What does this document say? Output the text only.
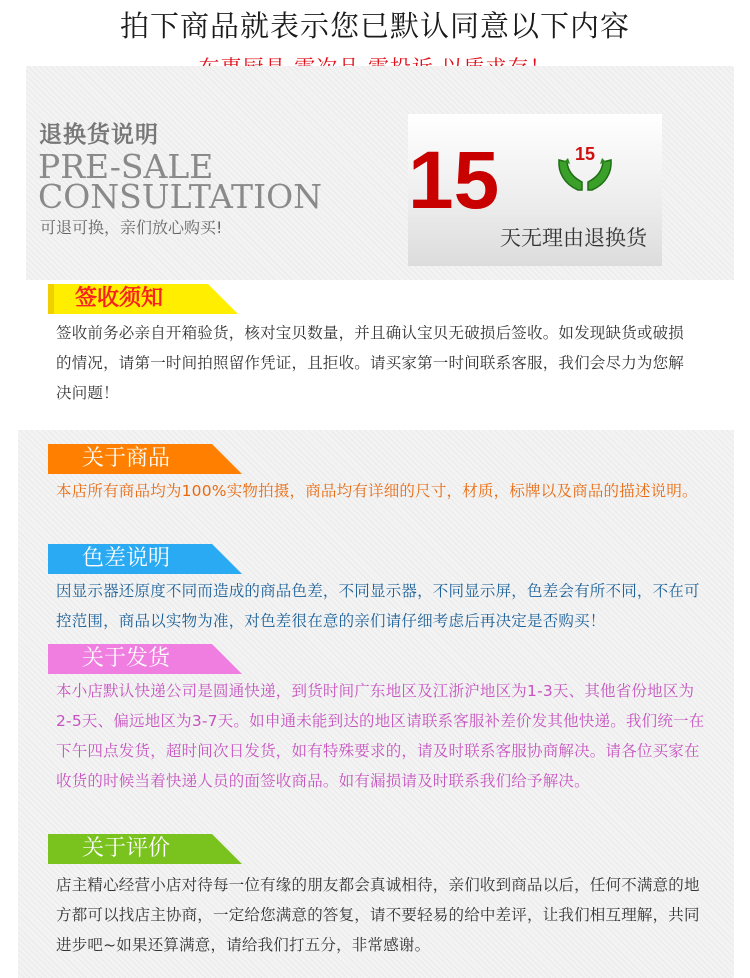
拍下商品就表示您已默认同意以下内容
退换货说明
PRE-SALE
CONSULTATION
可退可换，亲们放心购买!
15	15
天无理由退换货
签收须知
签收前务必亲自开箱验货，核对宝贝数量，并且确认宝贝无破损后签收。如发现缺货或破损的情况，请第一时间拍照留作凭证，且拒收。请买家第一时间联系客服，我们会尽力为您解决问题！
关于商品
本店所有商品均为100%实物拍摄，商品均有详细的尺寸，材质，标牌以及商品的描述说明。
色差说明
因显示器还原度不同而造成的商品色差，不同显示器，不同显示屏，色差会有所不同，不在可控范围，商品以实物为准，对色差很在意的亲们请仔细考虑后再决定是否购买！
关于发货
本小店默认快递公司是圆通快递，到货时间广东地区及江浙沪地区为1-3天、其他省份地区为2-5天、偏远地区为3-7天。如申通未能到达的地区请联系客服补差价发其他快递。我们统一在下午四点发货，超时间次日发货，如有特殊要求的，请及时联系客服协商解决。请各位买家在收货的时候当着快递人员的面签收商品。如有漏损请及时联系我们给予解决。
关于评价
店主精心经营小店对待每一位有缘的朋友都会真诚相待，亲们收到商品以后，任何不满意的地方都可以找店主协商，一定给您满意的答复，请不要轻易的给中差评，让我们相互理解，共同进步吧~如果还算满意，请给我们打五分，非常感谢。
